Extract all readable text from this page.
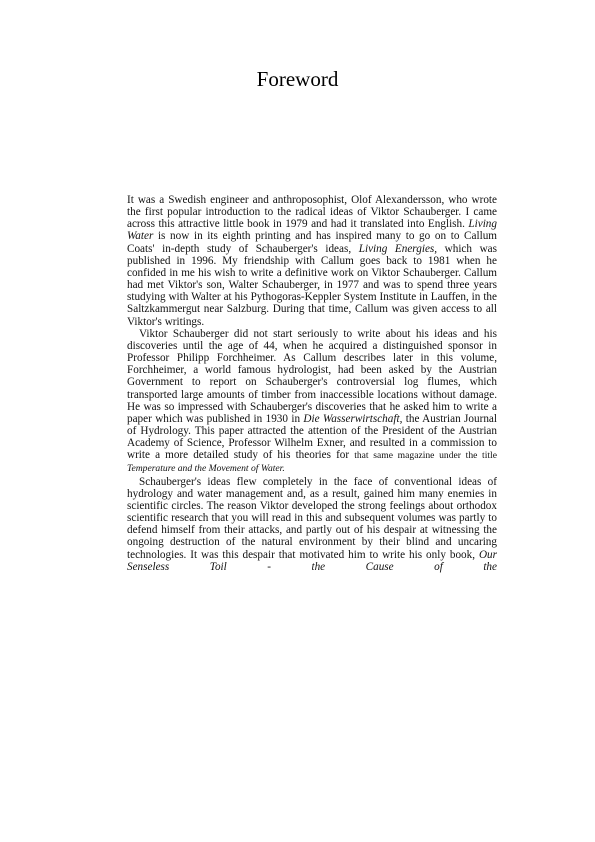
Foreword

It was a Swedish engineer and anthroposophist, Olof Alexandersson, who wrote the first popular introduction to the radical ideas of Viktor Schauberger. I came across this attractive little book in 1979 and had it translated into English. Living Water is now in its eighth printing and has inspired many to go on to Callum Coats' in-depth study of Schauberger's ideas, Living Energies, which was published in 1996. My friendship with Callum goes back to 1981 when he confided in me his wish to write a definitive work on Viktor Schauberger. Callum had met Viktor's son, Walter Schauberger, in 1977 and was to spend three years studying with Walter at his Pythogoras-Keppler System Institute in Lauffen, in the Saltzkammergut near Salzburg. During that time, Callum was given access to all Viktor's writings.

Viktor Schauberger did not start seriously to write about his ideas and his discoveries until the age of 44, when he acquired a distinguished sponsor in Professor Philipp Forchheimer. As Callum describes later in this volume, Forchheimer, a world famous hydrologist, had been asked by the Austrian Government to report on Schauberger's controversial log flumes, which transported large amounts of timber from inaccessible locations without damage. He was so impressed with Schauberger's discoveries that he asked him to write a paper which was published in 1930 in Die Wasserwirtschaft, the Austrian Journal of Hydrology. This paper attracted the attention of the President of the Austrian Academy of Science, Professor Wilhelm Exner, and resulted in a commission to write a more detailed study of his theories for that same magazine under the title Temperature and the Movement of Water.

Schauberger's ideas flew completely in the face of conventional ideas of hydrology and water management and, as a result, gained him many enemies in scientific circles. The reason Viktor developed the strong feelings about orthodox scientific research that you will read in this and subsequent volumes was partly to defend himself from their attacks, and partly out of his despair at witnessing the ongoing destruction of the natural environment by their blind and uncaring technologies. It was this despair that motivated him to write his only book, Our Senseless Toil - the Cause of the
